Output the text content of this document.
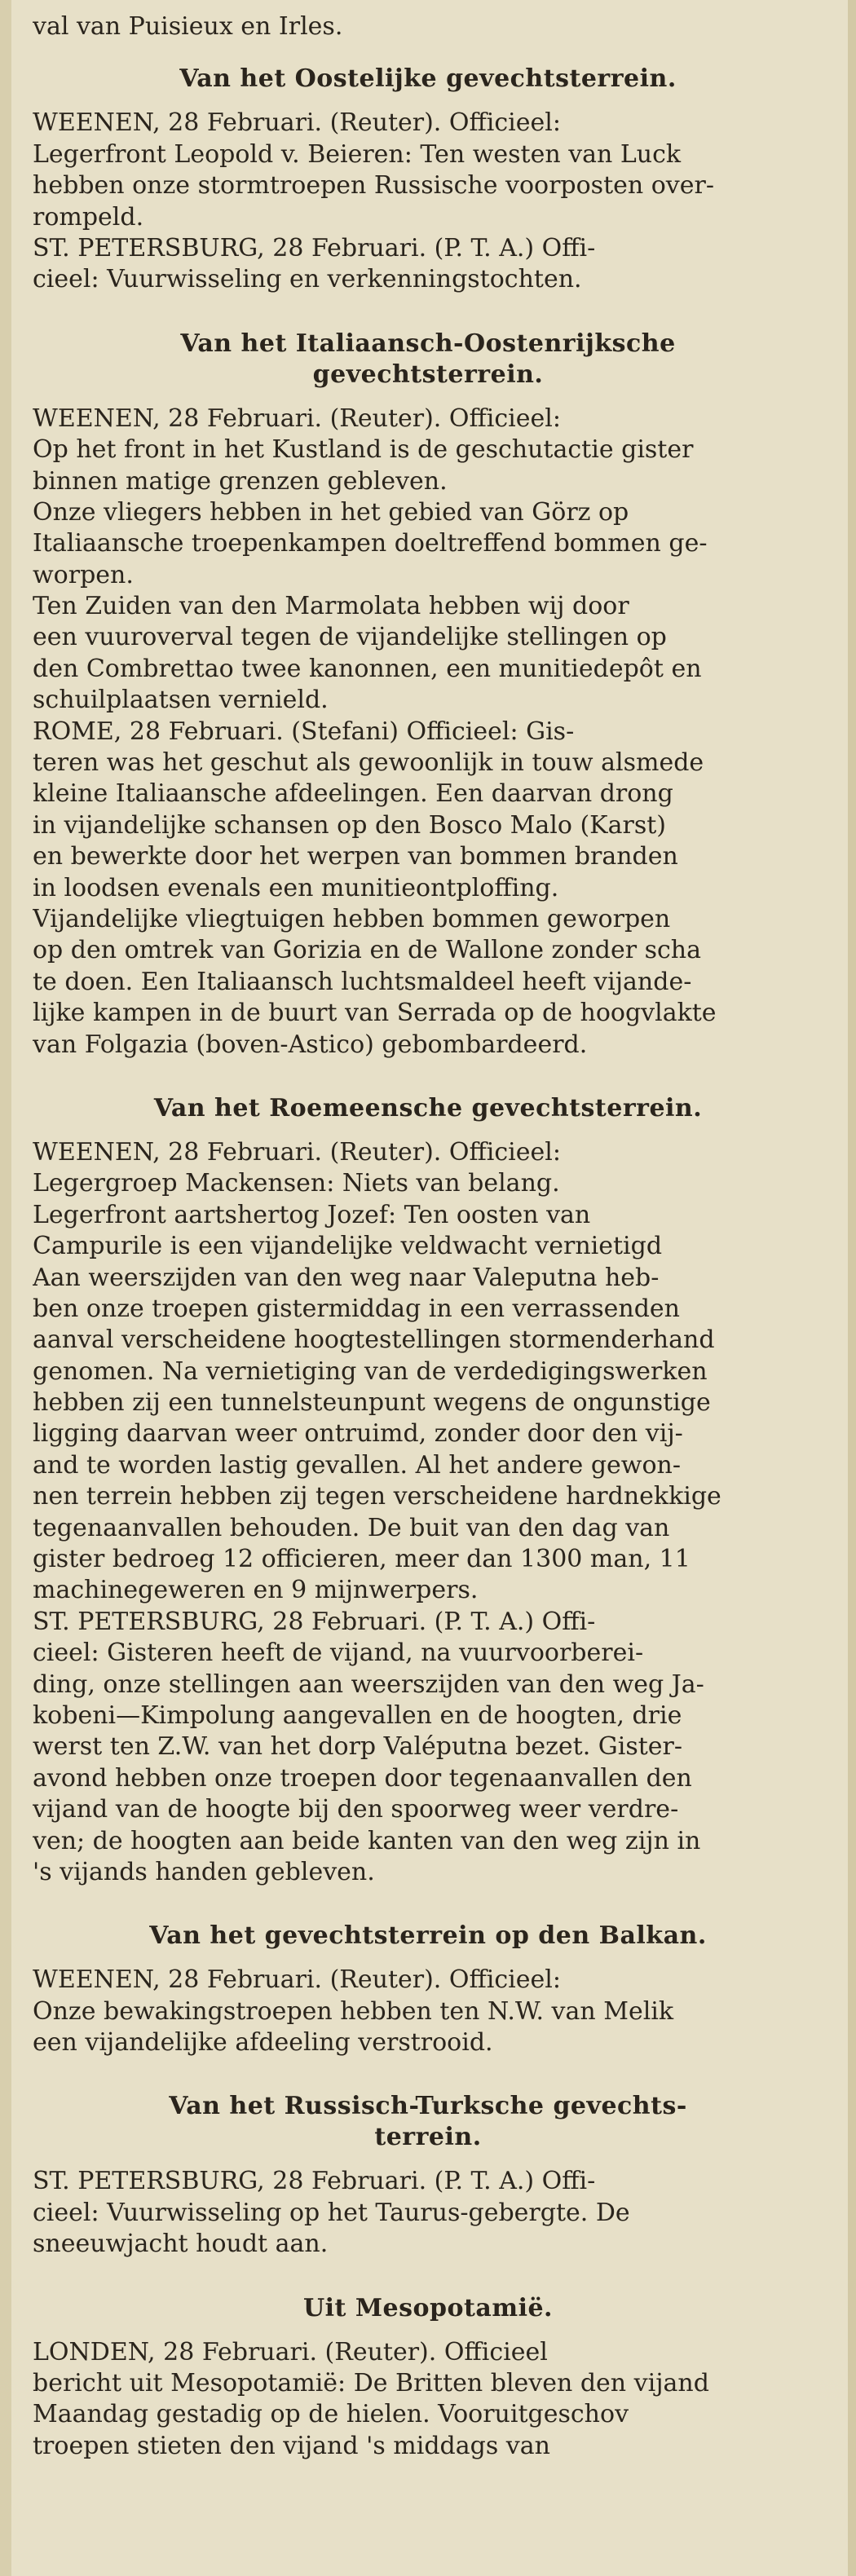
val van Puisieux en Irles.
Van het Oostelijke gevechtsterrein.
WEENEN, 28 Februari. (Reuter). Officieel:
Legerfront Leopold v. Beieren: Ten westen van Luck
hebben onze stormtroepen Russische voorposten over-
rompeld.
ST. PETERSBURG, 28 Februari. (P. T. A.) Offi-
cieel: Vuurwisseling en verkenningstochten.
Van het Italiaansch-Oostenrijksche
gevechtsterrein.
WEENEN, 28 Februari. (Reuter). Officieel:
Op het front in het Kustland is de geschutactie gister
binnen matige grenzen gebleven.
Onze vliegers hebben in het gebied van Görz op
Italiaansche troepenkampen doeltreffend bommen ge-
worpen.
Ten Zuiden van den Marmolata hebben wij door
een vuuroverval tegen de vijandelijke stellingen op
den Combrettao twee kanonnen, een munitiedepôt en
schuilplaatsen vernield.
ROME, 28 Februari. (Stefani) Officieel: Gis-
teren was het geschut als gewoonlijk in touw alsmede
kleine Italiaansche afdeelingen. Een daarvan drong
in vijandelijke schansen op den Bosco Malo (Karst)
en bewerkte door het werpen van bommen branden
in loodsen evenals een munitieontploffing.
Vijandelijke vliegtuigen hebben bommen geworpen
op den omtrek van Gorizia en de Wallone zonder scha
te doen. Een Italiaansch luchtsmaldeel heeft vijande-
lijke kampen in de buurt van Serrada op de hoogvlakte
van Folgazia (boven-Astico) gebombardeerd.
Van het Roemeensche gevechtsterrein.
WEENEN, 28 Februari. (Reuter). Officieel:
Legergroep Mackensen: Niets van belang.
Legerfront aartshertog Jozef: Ten oosten van
Campurile is een vijandelijke veldwacht vernietigd
Aan weerszijden van den weg naar Valeputna heb-
ben onze troepen gistermiddag in een verrassenden
aanval verscheidene hoogtestellingen stormenderhand
genomen. Na vernietiging van de verdedigingswerken
hebben zij een tunnelsteunpunt wegens de ongunstige
ligging daarvan weer ontruimd, zonder door den vij-
and te worden lastig gevallen. Al het andere gewon-
nen terrein hebben zij tegen verscheidene hardnekkige
tegenaanvallen behouden. De buit van den dag van
gister bedroeg 12 officieren, meer dan 1300 man, 11
machinegeweren en 9 mijnwerpers.
ST. PETERSBURG, 28 Februari. (P. T. A.) Offi-
cieel: Gisteren heeft de vijand, na vuurvoorberei-
ding, onze stellingen aan weerszijden van den weg Ja-
kobeni—Kimpolung aangevallen en de hoogten, drie
werst ten Z.W. van het dorp Valéputna bezet. Gister-
avond hebben onze troepen door tegenaanvallen den
vijand van de hoogte bij den spoorweg weer verdre-
ven; de hoogten aan beide kanten van den weg zijn in
's vijands handen gebleven.
Van het gevechtsterrein op den Balkan.
WEENEN, 28 Februari. (Reuter). Officieel:
Onze bewakingstroepen hebben ten N.W. van Melik
een vijandelijke afdeeling verstrooid.
Van het Russisch-Turksche gevechts-
terrein.
ST. PETERSBURG, 28 Februari. (P. T. A.) Offi-
cieel: Vuurwisseling op het Taurus-gebergte. De
sneeuwjacht houdt aan.
Uit Mesopotamië.
LONDEN, 28 Februari. (Reuter). Officieel
bericht uit Mesopotamië: De Britten bleven den vijand
Maandag gestadig op de hielen. Vooruitgeschov
troepen stieten den vijand 's middags van
